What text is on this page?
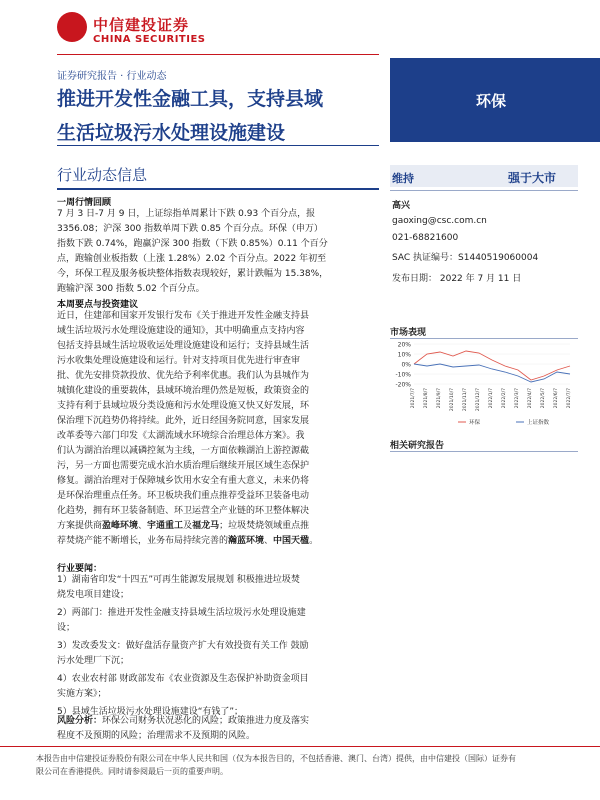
中信建投证券
CHINA SECURITIES
证券研究报告 · 行业动态
推进开发性金融工具，支持县域
生活垃圾污水处理设施建设
环保
行业动态信息
一周行情回顾
7 月 3 日-7 月 9 日，上证综指单周累计下跌 0.93 个百分点，报
3356.08；沪深 300 指数单周下跌 0.85 个百分点。环保（申万）
指数下跌 0.74%，跑赢沪深 300 指数（下跌 0.85%）0.11 个百分
点，跑输创业板指数（上涨 1.28%）2.02 个百分点。2022 年初至
今，环保工程及服务板块整体指数表现较好，累计跌幅为 15.38%，
跑输沪深 300 指数 5.02 个百分点。
本周要点与投资建议
近日，住建部和国家开发银行发布《关于推进开发性金融支持县
域生活垃圾污水处理设施建设的通知》，其中明确重点支持内容
包括支持县域生活垃圾收运处理设施建设和运行；支持县域生活
污水收集处理设施建设和运行。针对支持项目优先进行审查审
批、优先安排贷款投放、优先给予利率优惠。我们认为县城作为
城镇化建设的重要载体，县域环境治理仍然是短板，政策资金的
支持有利于县域垃圾分类设施和污水处理设施又快又好发展，环
保治理下沉趋势仍将持续。此外，近日经国务院同意，国家发展
改革委等六部门印发《太湖流域水环境综合治理总体方案》。我
们认为湖泊治理以减磷控氮为主线，一方面依赖湖泊上游控源截
污，另一方面也需要完成水泊水质治理后继续开展区域生态保护
修复。湖泊治理对于保障城乡饮用水安全有重大意义，未来仍将
是环保治理重点任务。环卫板块我们重点推荐受益环卫装备电动
化趋势，拥有环卫装备制造、环卫运营全产业链的环卫整体解决
方案提供商盈峰环境、宇通重工及福龙马；垃圾焚烧领域重点推
荐焚烧产能不断增长，业务布局持续完善的瀚蓝环境、中国天楹。
行业要闻：
1）湖南省印发“十四五”可再生能源发展规划 积极推进垃圾焚
烧发电项目建设；
2）两部门：推进开发性金融支持县域生活垃圾污水处理设施建
设；
3）发改委发文：做好盘活存量资产扩大有效投资有关工作 鼓励
污水处理厂下沉；
4）农业农村部 财政部发布《农业资源及生态保护补助资金项目
实施方案》；
5）县域生活垃圾污水处理设施建设“有钱了”；
风险分析：环保公司财务状况恶化的风险；政策推进力度及落实
程度不及预期的风险；治理需求不及预期的风险。
维持	强于大市
高兴
gaoxing@csc.com.cn
021-68821600
SAC 执证编号：S1440519060004
发布日期： 2022 年 7 月 11 日
市场表现
20%
10%
0%
-10%
-20%
2021/7/7 2021/8/7 2021/9/7 2021/10/7 2021/11/7 2021/12/7 2022/1/7 2022/2/7 2022/3/7 2022/4/7 2022/5/7 2022/6/7 2022/7/7
环保	上证指数
相关研究报告
本报告由中信建投证券股份有限公司在中华人民共和国（仅为本报告目的，不包括香港、澳门、台湾）提供，由中信建投（国际）证券有
限公司在香港提供。同时请参阅最后一页的重要声明。
